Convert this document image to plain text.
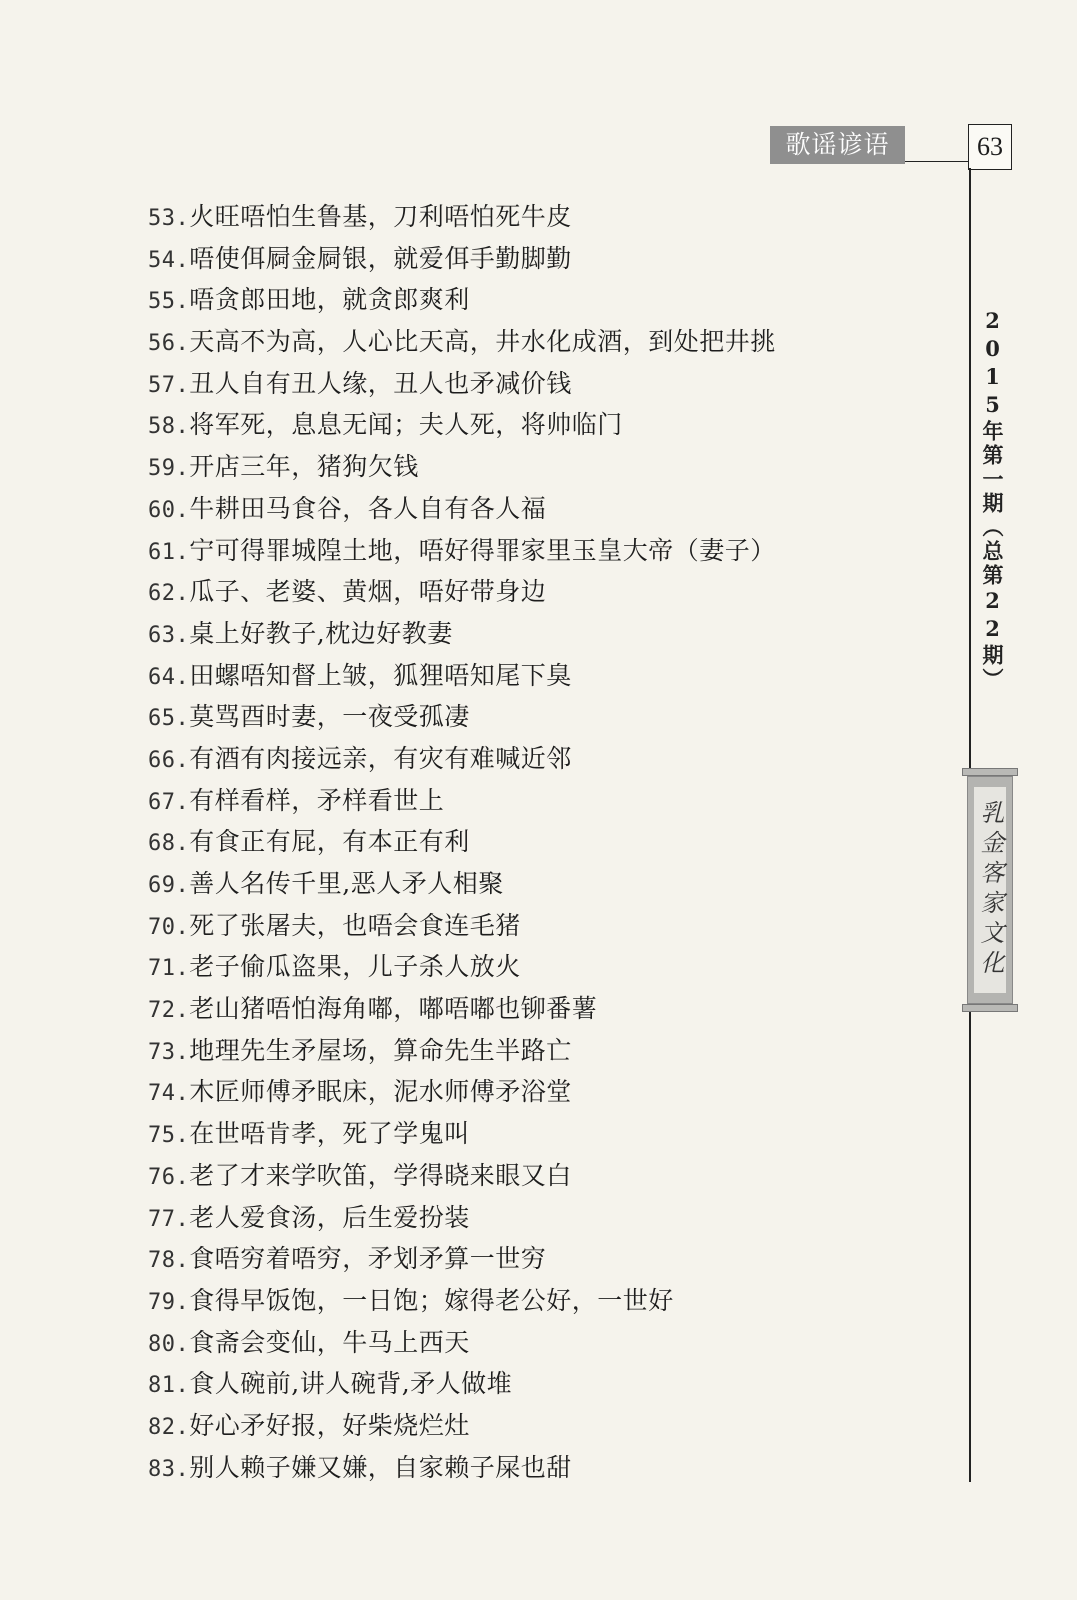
歌谣谚语	63
2015年第一期（总第22期）
乳金客家文化
53.火旺唔怕生鲁基，刀利唔怕死牛皮
54.唔使佴屙金屙银，就爱佴手勤脚勤
55.唔贪郎田地，就贪郎爽利
56.天高不为高，人心比天高，井水化成酒，到处把井挑
57.丑人自有丑人缘，丑人也矛减价钱
58.将军死，息息无闻；夫人死，将帅临门
59.开店三年，猪狗欠钱
60.牛耕田马食谷，各人自有各人福
61.宁可得罪城隍土地，唔好得罪家里玉皇大帝（妻子）
62.瓜子、老婆、黄烟，唔好带身边
63.桌上好教子,枕边好教妻
64.田螺唔知督上皱，狐狸唔知尾下臭
65.莫骂酉时妻，一夜受孤凄
66.有酒有肉接远亲，有灾有难喊近邻
67.有样看样，矛样看世上
68.有食正有屁，有本正有利
69.善人名传千里,恶人矛人相聚
70.死了张屠夫，也唔会食连毛猪
71.老子偷瓜盗果，儿子杀人放火
72.老山猪唔怕海角嘟，嘟唔嘟也铆番薯
73.地理先生矛屋场，算命先生半路亡
74.木匠师傅矛眠床，泥水师傅矛浴堂
75.在世唔肯孝，死了学鬼叫
76.老了才来学吹笛，学得晓来眼又白
77.老人爱食汤，后生爱扮装
78.食唔穷着唔穷，矛划矛算一世穷
79.食得早饭饱，一日饱；嫁得老公好，一世好
80.食斋会变仙，牛马上西天
81.食人碗前,讲人碗背,矛人做堆
82.好心矛好报，好柴烧烂灶
83.别人赖子嫌又嫌，自家赖子屎也甜
